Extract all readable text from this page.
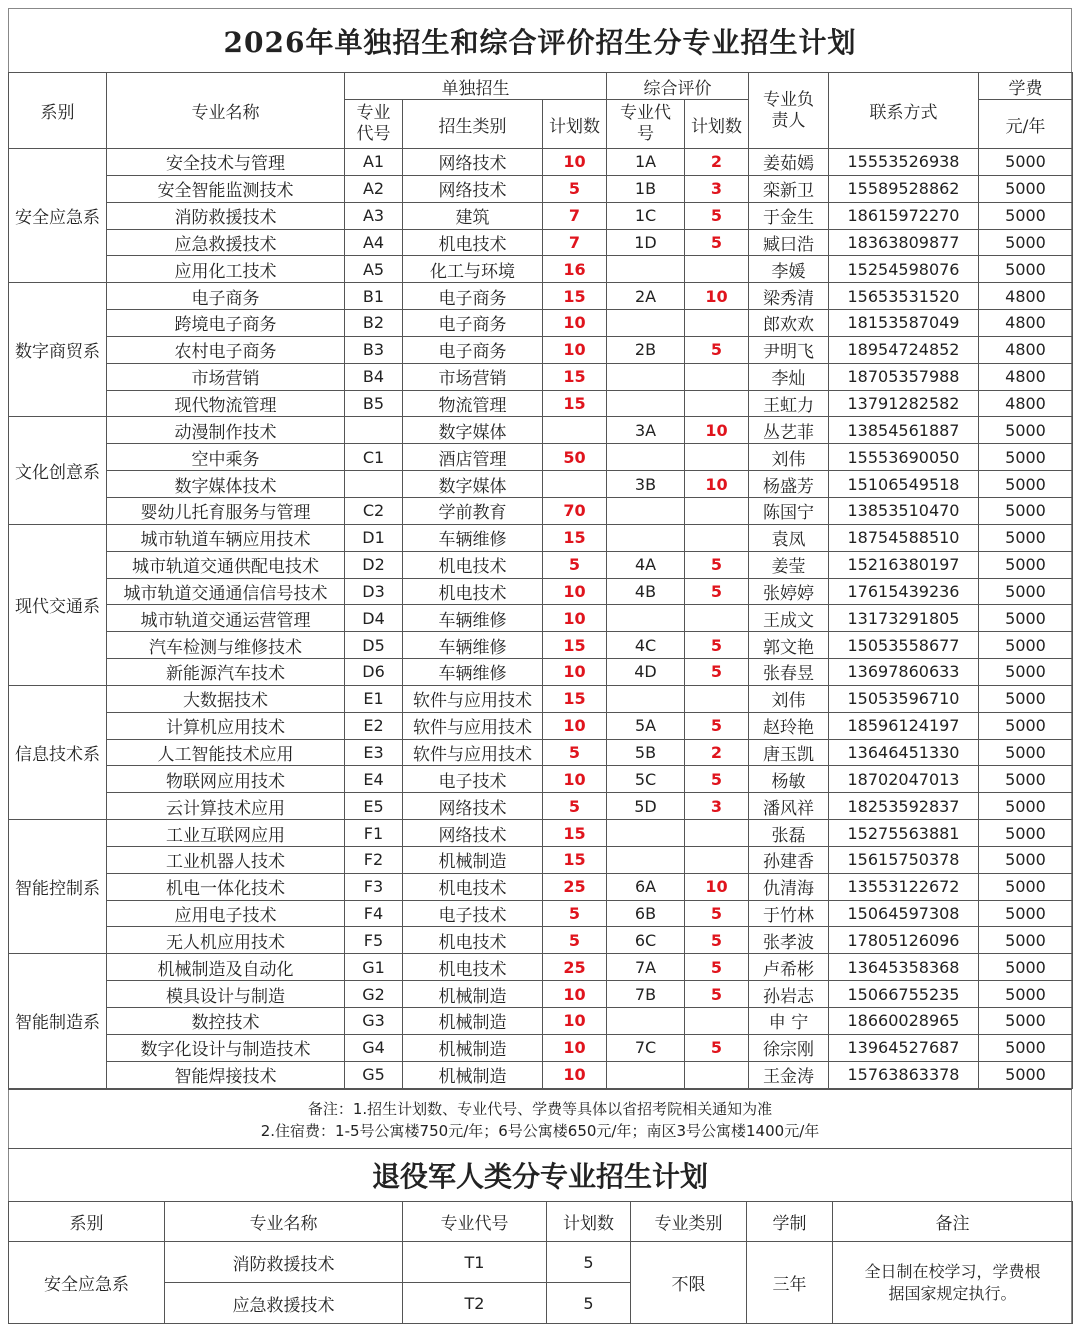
2026年单独招生和综合评价招生分专业招生计划
系别	专业名称	单独招生			综合评价		专业负责人	联系方式	学费
		专业代号	招生类别	计划数	专业代号	计划数			元/年
安全应急系	安全技术与管理	A1	网络技术	10	1A	2	姜茹嫣	15553526938	5000
	安全智能监测技术	A2	网络技术	5	1B	3	栾新卫	15589528862	5000
	消防救援技术	A3	建筑	7	1C	5	于金生	18615972270	5000
	应急救援技术	A4	机电技术	7	1D	5	臧曰浩	18363809877	5000
	应用化工技术	A5	化工与环境	16			李媛	15254598076	5000
数字商贸系	电子商务	B1	电子商务	15	2A	10	梁秀清	15653531520	4800
	跨境电子商务	B2	电子商务	10			郎欢欢	18153587049	4800
	农村电子商务	B3	电子商务	10	2B	5	尹明飞	18954724852	4800
	市场营销	B4	市场营销	15			李灿	18705357988	4800
	现代物流管理	B5	物流管理	15			王虹力	13791282582	4800
文化创意系	动漫制作技术		数字媒体		3A	10	丛艺菲	13854561887	5000
	空中乘务	C1	酒店管理	50			刘伟	15553690050	5000
	数字媒体技术		数字媒体		3B	10	杨盛芳	15106549518	5000
	婴幼儿托育服务与管理	C2	学前教育	70			陈国宁	13853510470	5000
现代交通系	城市轨道车辆应用技术	D1	车辆维修	15			袁凤	18754588510	5000
	城市轨道交通供配电技术	D2	机电技术	5	4A	5	姜莹	15216380197	5000
	城市轨道交通通信信号技术	D3	机电技术	10	4B	5	张婷婷	17615439236	5000
	城市轨道交通运营管理	D4	车辆维修	10			王成文	13173291805	5000
	汽车检测与维修技术	D5	车辆维修	15	4C	5	郭文艳	15053558677	5000
	新能源汽车技术	D6	车辆维修	10	4D	5	张春昱	13697860633	5000
信息技术系	大数据技术	E1	软件与应用技术	15			刘伟	15053596710	5000
	计算机应用技术	E2	软件与应用技术	10	5A	5	赵玲艳	18596124197	5000
	人工智能技术应用	E3	软件与应用技术	5	5B	2	唐玉凯	13646451330	5000
	物联网应用技术	E4	电子技术	10	5C	5	杨敏	18702047013	5000
	云计算技术应用	E5	网络技术	5	5D	3	潘风祥	18253592837	5000
智能控制系	工业互联网应用	F1	网络技术	15			张磊	15275563881	5000
	工业机器人技术	F2	机械制造	15			孙建香	15615750378	5000
	机电一体化技术	F3	机电技术	25	6A	10	仇清海	13553122672	5000
	应用电子技术	F4	电子技术	5	6B	5	于竹林	15064597308	5000
	无人机应用技术	F5	机电技术	5	6C	5	张孝波	17805126096	5000
智能制造系	机械制造及自动化	G1	机电技术	25	7A	5	卢希彬	13645358368	5000
	模具设计与制造	G2	机械制造	10	7B	5	孙岩志	15066755235	5000
	数控技术	G3	机械制造	10			申 宁	18660028965	5000
	数字化设计与制造技术	G4	机械制造	10	7C	5	徐宗刚	13964527687	5000
	智能焊接技术	G5	机械制造	10			王金涛	15763863378	5000
备注：1.招生计划数、专业代号、学费等具体以省招考院相关通知为准
2.住宿费：1-5号公寓楼750元/年；6号公寓楼650元/年；南区3号公寓楼1400元/年
退役军人类分专业招生计划
系别	专业名称	专业代号	计划数	专业类别	学制	备注
安全应急系	消防救援技术	T1	5	不限	三年	全日制在校学习，学费根据国家规定执行。
	应急救援技术	T2	5			
